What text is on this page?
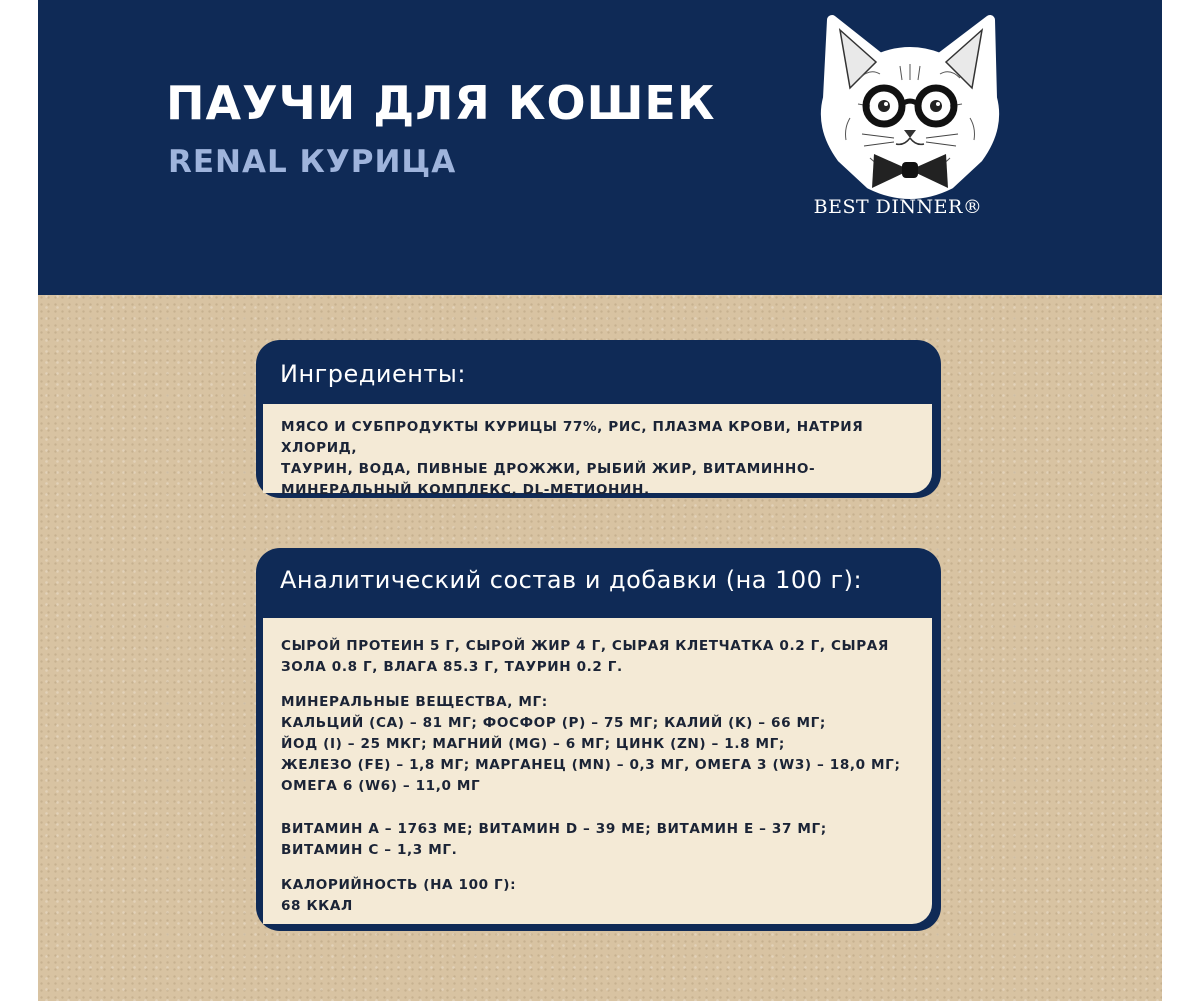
ПАУЧИ ДЛЯ КОШЕК
RENAL КУРИЦА
BEST DINNER®
Ингредиенты:

МЯСО И СУБПРОДУКТЫ КУРИЦЫ 77%, РИС, ПЛАЗМА КРОВИ, НАТРИЯ ХЛОРИД,

ТАУРИН, ВОДА, ПИВНЫЕ ДРОЖЖИ, РЫБИЙ ЖИР, ВИТАМИННО-

МИНЕРАЛЬНЫЙ КОМПЛЕКС, DL-МЕТИОНИН.

Аналитический состав и добавки (на 100 г):

СЫРОЙ ПРОТЕИН 5 Г, СЫРОЙ ЖИР 4 Г, СЫРАЯ КЛЕТЧАТКА 0.2 Г, СЫРАЯ

ЗОЛА 0.8 Г, ВЛАГА 85.3 Г, ТАУРИН 0.2 Г.

МИНЕРАЛЬНЫЕ ВЕЩЕСТВА, МГ:

КАЛЬЦИЙ (CA) – 81 МГ; ФОСФОР (P) – 75 МГ; КАЛИЙ (K) – 66 МГ;

ЙОД (I) – 25 МКГ; МАГНИЙ (MG) – 6 МГ; ЦИНК (ZN) – 1.8 МГ;

ЖЕЛЕЗО (FE) – 1,8 МГ; МАРГАНЕЦ (MN) – 0,3 МГ, ОМЕГА 3 (W3) – 18,0 МГ;

ОМЕГА 6 (W6) – 11,0 МГ

ВИТАМИН А – 1763 МЕ; ВИТАМИН D – 39 МЕ; ВИТАМИН Е – 37 МГ;

ВИТАМИН С – 1,3 МГ.

КАЛОРИЙНОСТЬ (НА 100 Г):

68 ККАЛ
